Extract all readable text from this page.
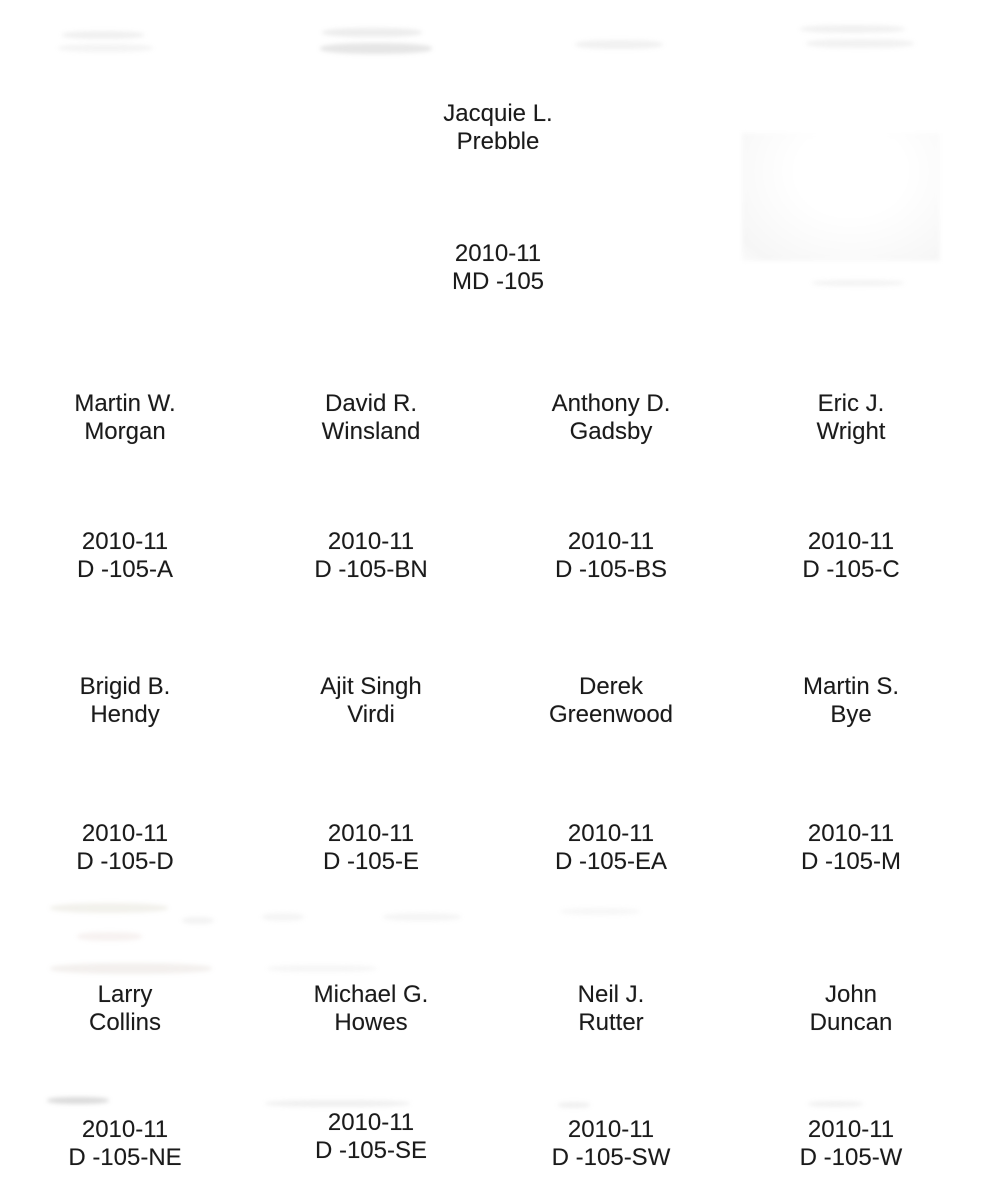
Jacquie L.
Prebble
2010-11
MD -105
Martin W.
Morgan
David R.
Winsland
Anthony D.
Gadsby
Eric J.
Wright
2010-11
D -105-A
2010-11
D -105-BN
2010-11
D -105-BS
2010-11
D -105-C
Brigid B.
Hendy
Ajit Singh
Virdi
Derek
Greenwood
Martin S.
Bye
2010-11
D -105-D
2010-11
D -105-E
2010-11
D -105-EA
2010-11
D -105-M
Larry
Collins
Michael G.
Howes
Neil J.
Rutter
John
Duncan
2010-11
D -105-NE
2010-11
D -105-SE
2010-11
D -105-SW
2010-11
D -105-W
